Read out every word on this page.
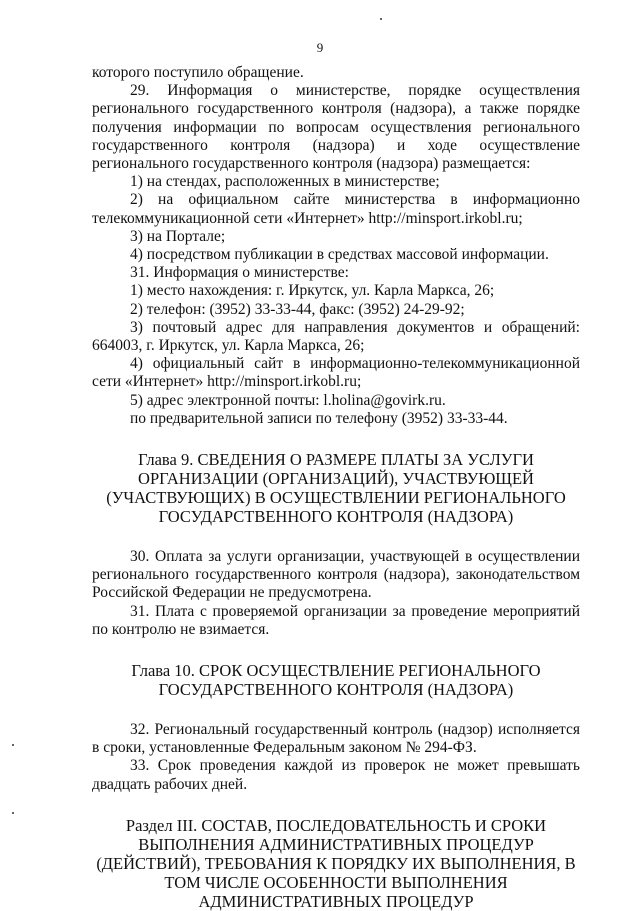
9

которого поступило обращение.

29. Информация о министерстве, порядке осуществления регионального государственного контроля (надзора), а также порядке получения информации по вопросам осуществления регионального государственного контроля (надзора) и ходе осуществление регионального государственного контроля (надзора) размещается:

1) на стендах, расположенных в министерстве;

2) на официальном сайте министерства в информационно телекоммуникационной сети «Интернет» http://minsport.irkobl.ru;

3) на Портале;

4) посредством публикации в средствах массовой информации.

31. Информация о министерстве:

1) место нахождения: г. Иркутск, ул. Карла Маркса, 26;

2) телефон: (3952) 33-33-44, факс: (3952) 24-29-92;

3) почтовый адрес для направления документов и обращений: 664003, г. Иркутск, ул. Карла Маркса, 26;

4) официальный сайт в информационно-телекоммуникационной сети «Интернет» http://minsport.irkobl.ru;

5) адрес электронной почты: l.holina@govirk.ru.

по предварительной записи по телефону (3952) 33-33-44.

Глава 9. СВЕДЕНИЯ О РАЗМЕРЕ ПЛАТЫ ЗА УСЛУГИ ОРГАНИЗАЦИИ (ОРГАНИЗАЦИЙ), УЧАСТВУЮЩЕЙ (УЧАСТВУЮЩИХ) В ОСУЩЕСТВЛЕНИИ РЕГИОНАЛЬНОГО ГОСУДАРСТВЕННОГО КОНТРОЛЯ (НАДЗОРА)

30. Оплата за услуги организации, участвующей в осуществлении регионального государственного контроля (надзора), законодательством Российской Федерации не предусмотрена.

31. Плата с проверяемой организации за проведение мероприятий по контролю не взимается.

Глава 10. СРОК ОСУЩЕСТВЛЕНИЕ РЕГИОНАЛЬНОГО ГОСУДАРСТВЕННОГО КОНТРОЛЯ (НАДЗОРА)

32. Региональный государственный контроль (надзор) исполняется в сроки, установленные Федеральным законом № 294-ФЗ.

33. Срок проведения каждой из проверок не может превышать двадцать рабочих дней.

Раздел III. СОСТАВ, ПОСЛЕДОВАТЕЛЬНОСТЬ И СРОКИ ВЫПОЛНЕНИЯ АДМИНИСТРАТИВНЫХ ПРОЦЕДУР (ДЕЙСТВИЙ), ТРЕБОВАНИЯ К ПОРЯДКУ ИХ ВЫПОЛНЕНИЯ, В ТОМ ЧИСЛЕ ОСОБЕННОСТИ ВЫПОЛНЕНИЯ АДМИНИСТРАТИВНЫХ ПРОЦЕДУР
